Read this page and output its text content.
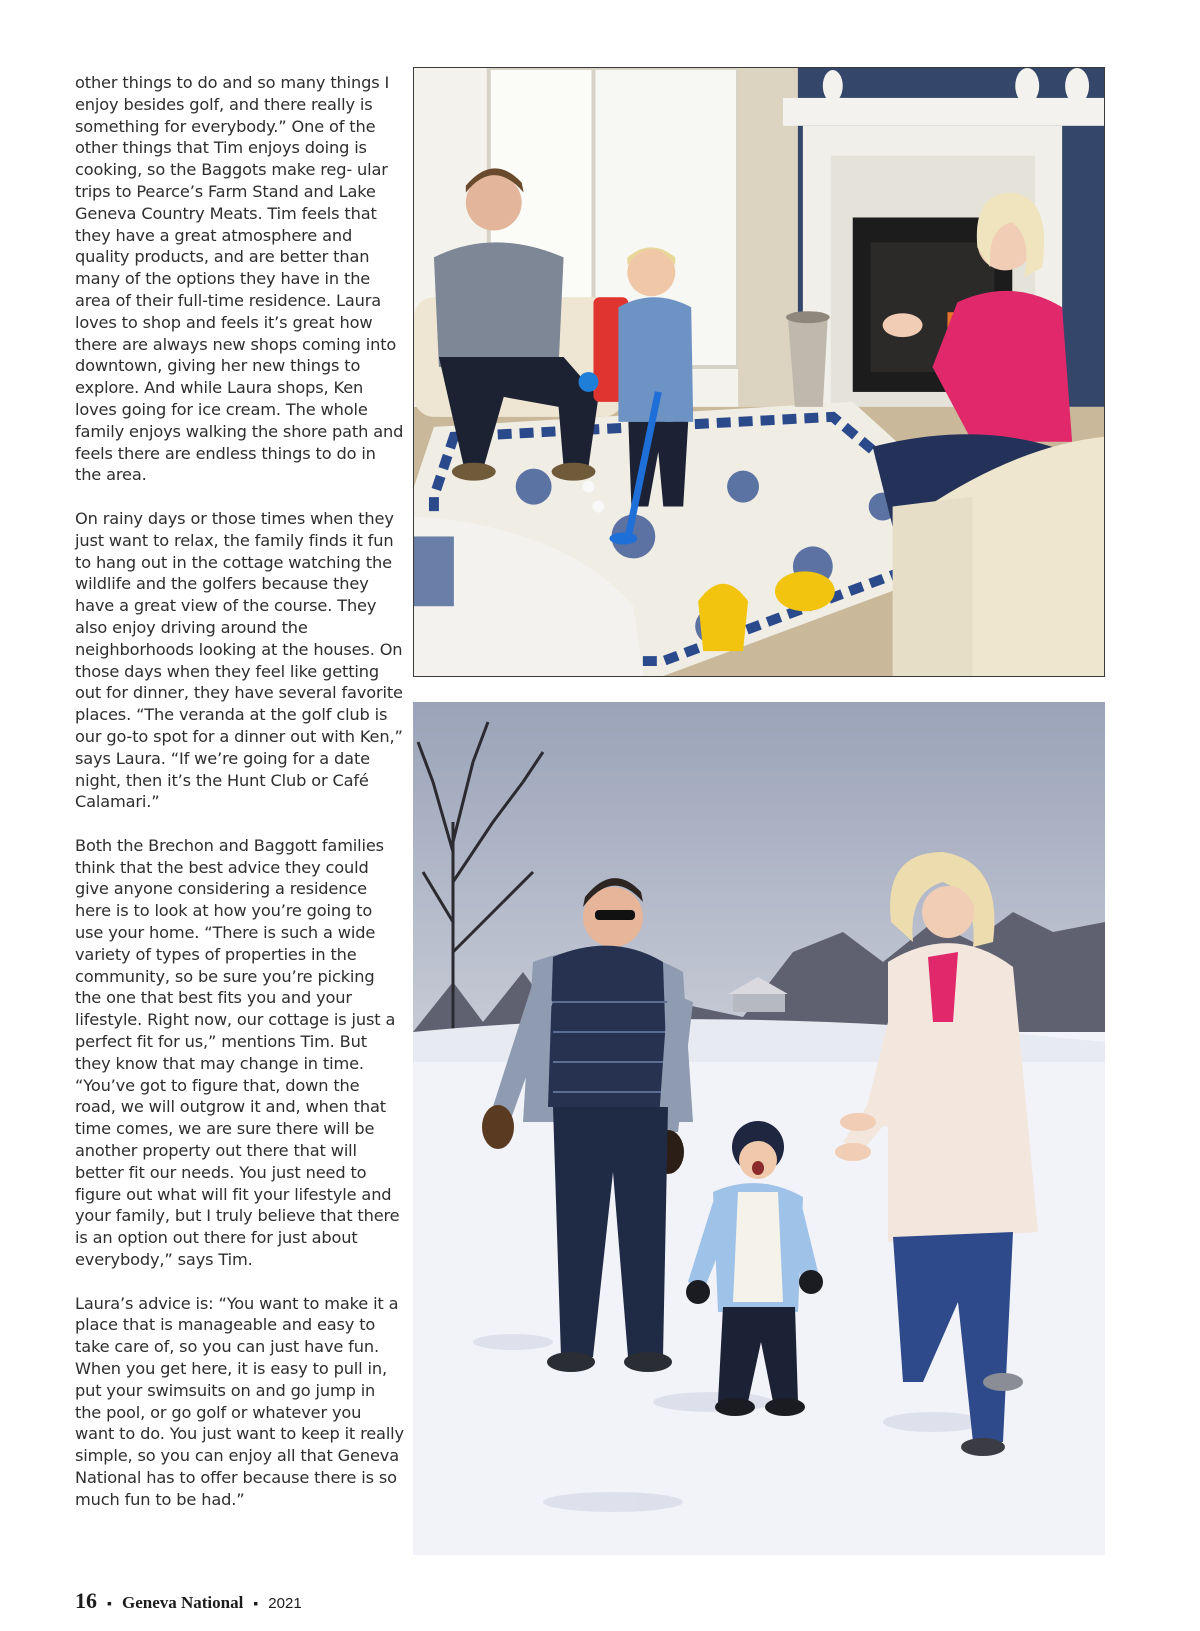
other things to do and so many things I enjoy besides golf, and there really is something for everybody.” One of the other things that Tim enjoys doing is cooking, so the Baggots make reg- ular trips to Pearce’s Farm Stand and Lake Geneva Country Meats. Tim feels that they have a great atmosphere and quality products, and are better than many of the options they have in the area of their full-time residence. Laura loves to shop and feels it’s great how there are always new shops coming into downtown, giving her new things to explore. And while Laura shops, Ken loves going for ice cream. The whole family enjoys walking the shore path and feels there are endless things to do in the area.

On rainy days or those times when they just want to relax, the family finds it fun to hang out in the cottage watching the wildlife and the golfers because they have a great view of the course. They also enjoy driving around the neighborhoods looking at the houses. On those days when they feel like getting out for dinner, they have several favorite places. “The veranda at the golf club is our go-to spot for a dinner out with Ken,” says Laura. “If we’re going for a date night, then it’s the Hunt Club or Café Calamari.”

Both the Brechon and Baggott families think that the best advice they could give anyone considering a residence here is to look at how you’re going to use your home. “There is such a wide variety of types of properties in the community, so be sure you’re picking the one that best fits you and your lifestyle. Right now, our cottage is just a perfect fit for us,” mentions Tim. But they know that may change in time. “You’ve got to figure that, down the road, we will outgrow it and, when that time comes, we are sure there will be another property out there that will better fit our needs. You just need to figure out what will fit your lifestyle and your family, but I truly believe that there is an option out there for just about everybody,” says Tim.

Laura’s advice is: “You want to make it a place that is manageable and easy to take care of, so you can just have fun. When you get here, it is easy to pull in, put your swimsuits on and go jump in the pool, or go golf or whatever you want to do. You just want to keep it really simple, so you can enjoy all that Geneva National has to offer because there is so much fun to be had.”

16 ▪ Geneva National ▪ 2021
